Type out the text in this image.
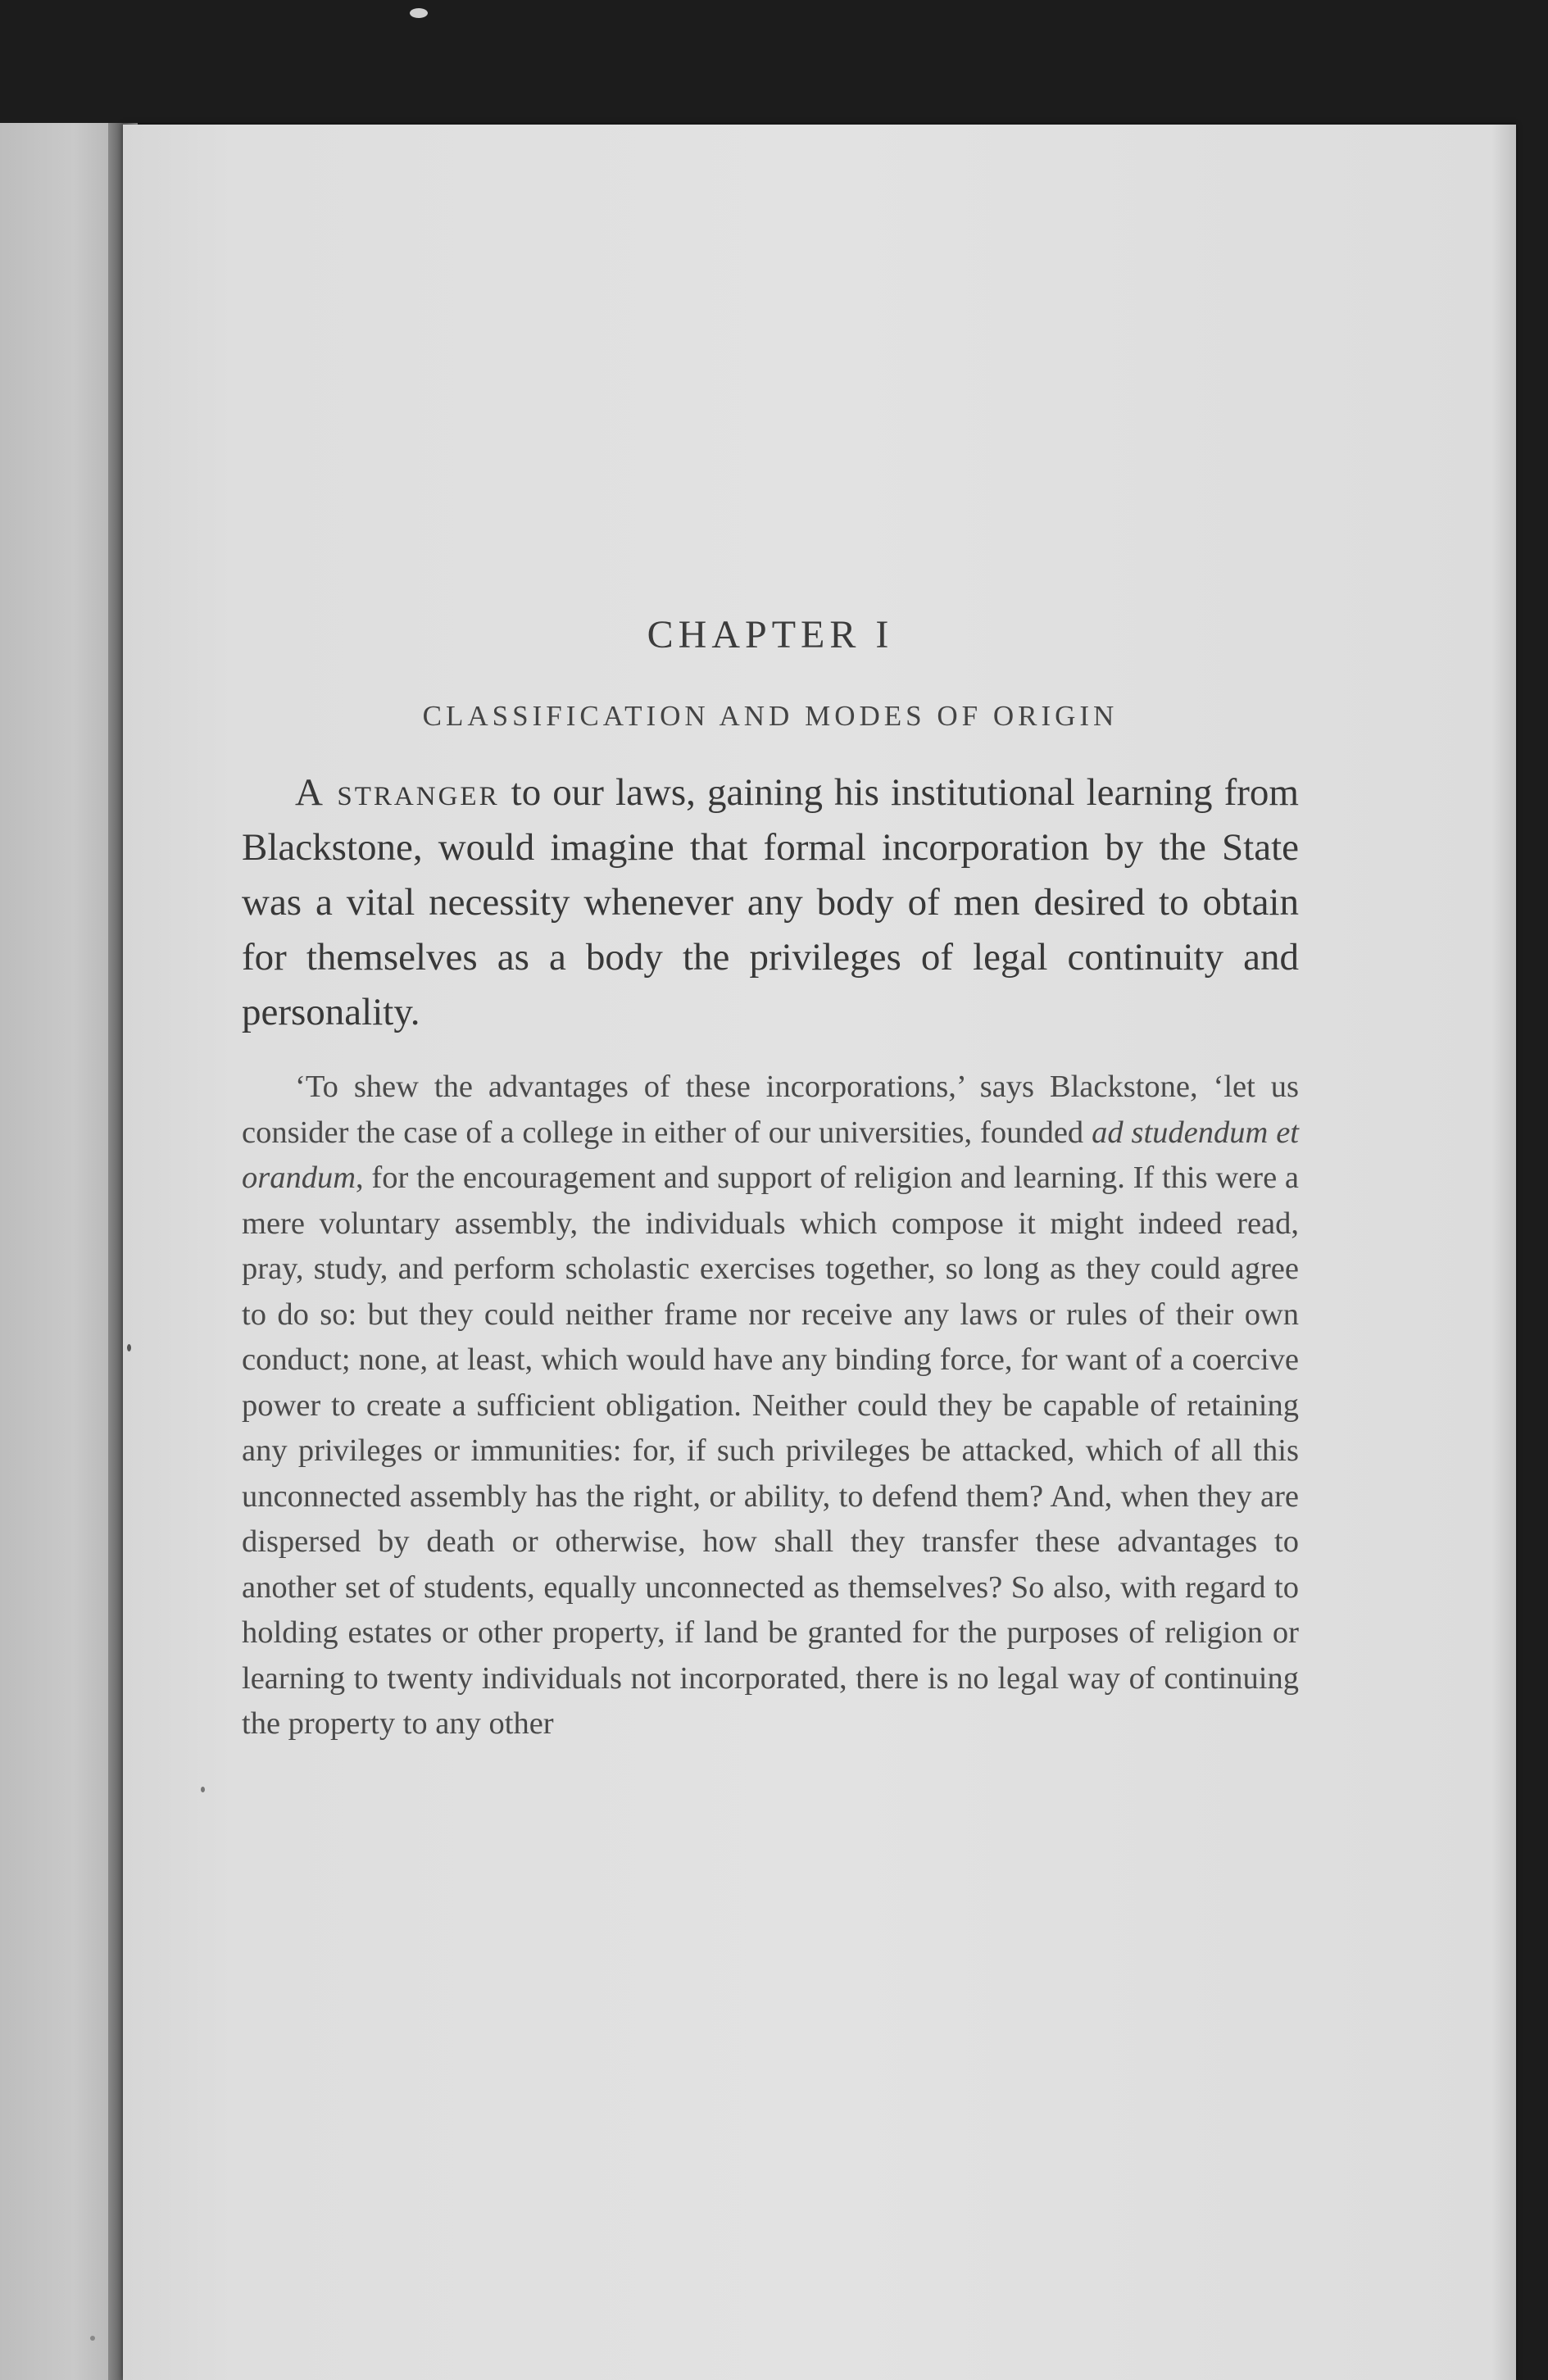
CHAPTER I
CLASSIFICATION AND MODES OF ORIGIN

A stranger to our laws, gaining his institutional learning from Blackstone, would imagine that formal incorporation by the State was a vital necessity whenever any body of men desired to obtain for themselves as a body the privileges of legal continuity and personality.

‘To shew the advantages of these incorporations,’ says Blackstone, ‘let us consider the case of a college in either of our universities, founded ad studendum et orandum, for the encouragement and support of religion and learning. If this were a mere voluntary assembly, the individuals which compose it might indeed read, pray, study, and perform scholastic exercises together, so long as they could agree to do so: but they could neither frame nor receive any laws or rules of their own conduct; none, at least, which would have any binding force, for want of a coercive power to create a sufficient obligation. Neither could they be capable of retaining any privileges or immunities: for, if such privileges be attacked, which of all this unconnected assembly has the right, or ability, to defend them? And, when they are dispersed by death or otherwise, how shall they transfer these advantages to another set of students, equally unconnected as themselves? So also, with regard to holding estates or other property, if land be granted for the purposes of religion or learning to twenty individuals not incorporated, there is no legal way of continuing the property to any other
